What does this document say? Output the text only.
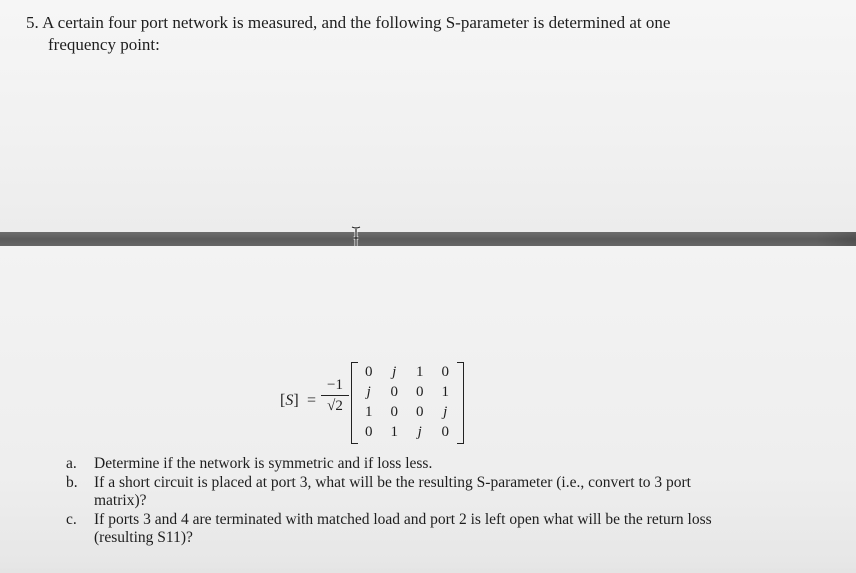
5. A certain four port network is measured, and the following S-parameter is determined at one
frequency point:

[S] =
−1
√2
0	j	1	0
j	0	0	1
1	0	0	j
0	1	j	0
a. Determine if the network is symmetric and if loss less.
b. If a short circuit is placed at port 3, what will be the resulting S-parameter (i.e., convert to 3 port matrix)?
c. If ports 3 and 4 are terminated with matched load and port 2 is left open what will be the return loss (resulting S11)?
